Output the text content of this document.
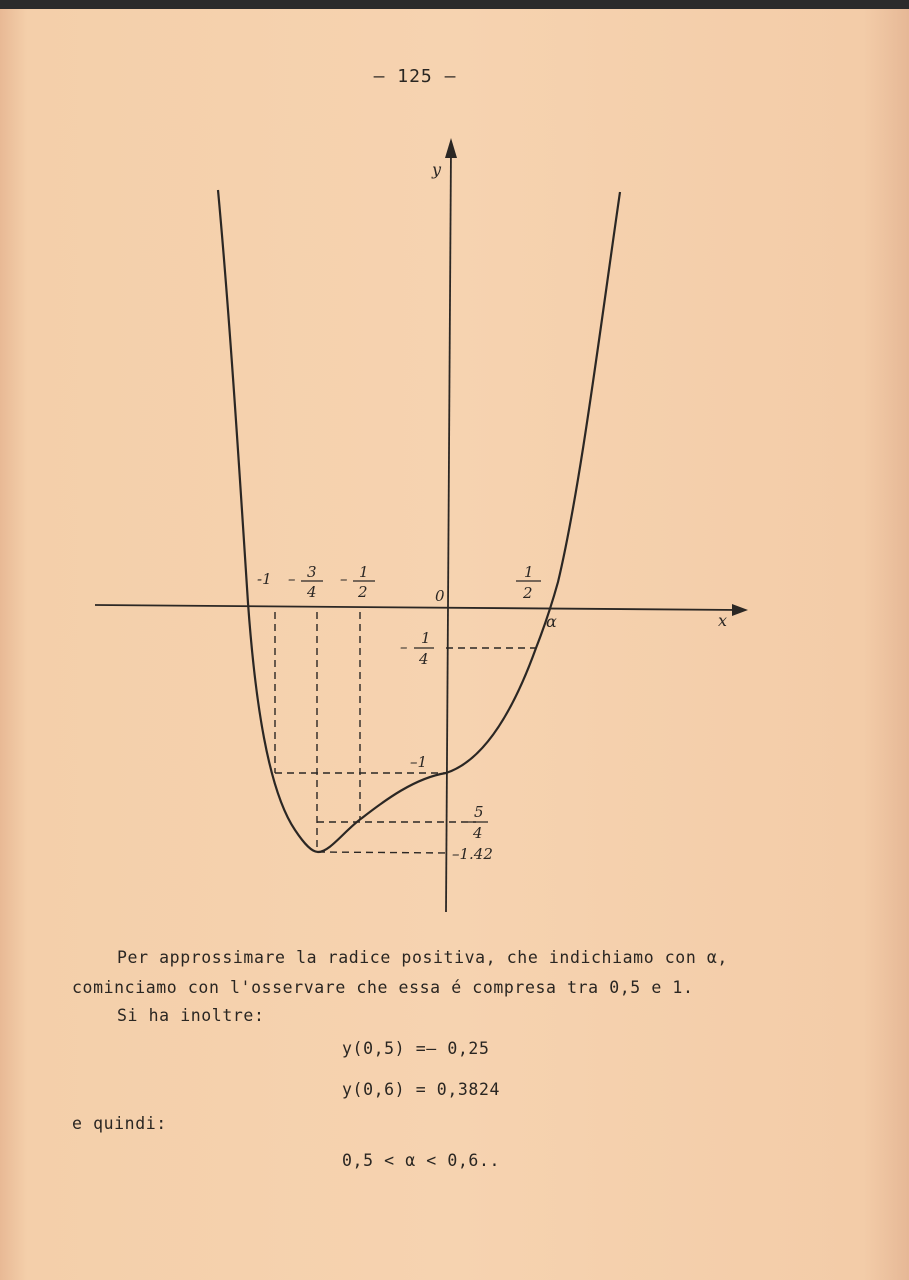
– 125 –
y
x
0
α
-1 – 3
4
– 1
2
1
2
– 1
4
–1
5
4
–1.42
Per approssimare la radice positiva, che indichiamo con α,
cominciamo con l'osservare che essa é compresa tra 0,5 e 1.
Si ha inoltre:
y(0,5) =– 0,25
y(0,6) = 0,3824
e quindi:
0,5 < α < 0,6..
